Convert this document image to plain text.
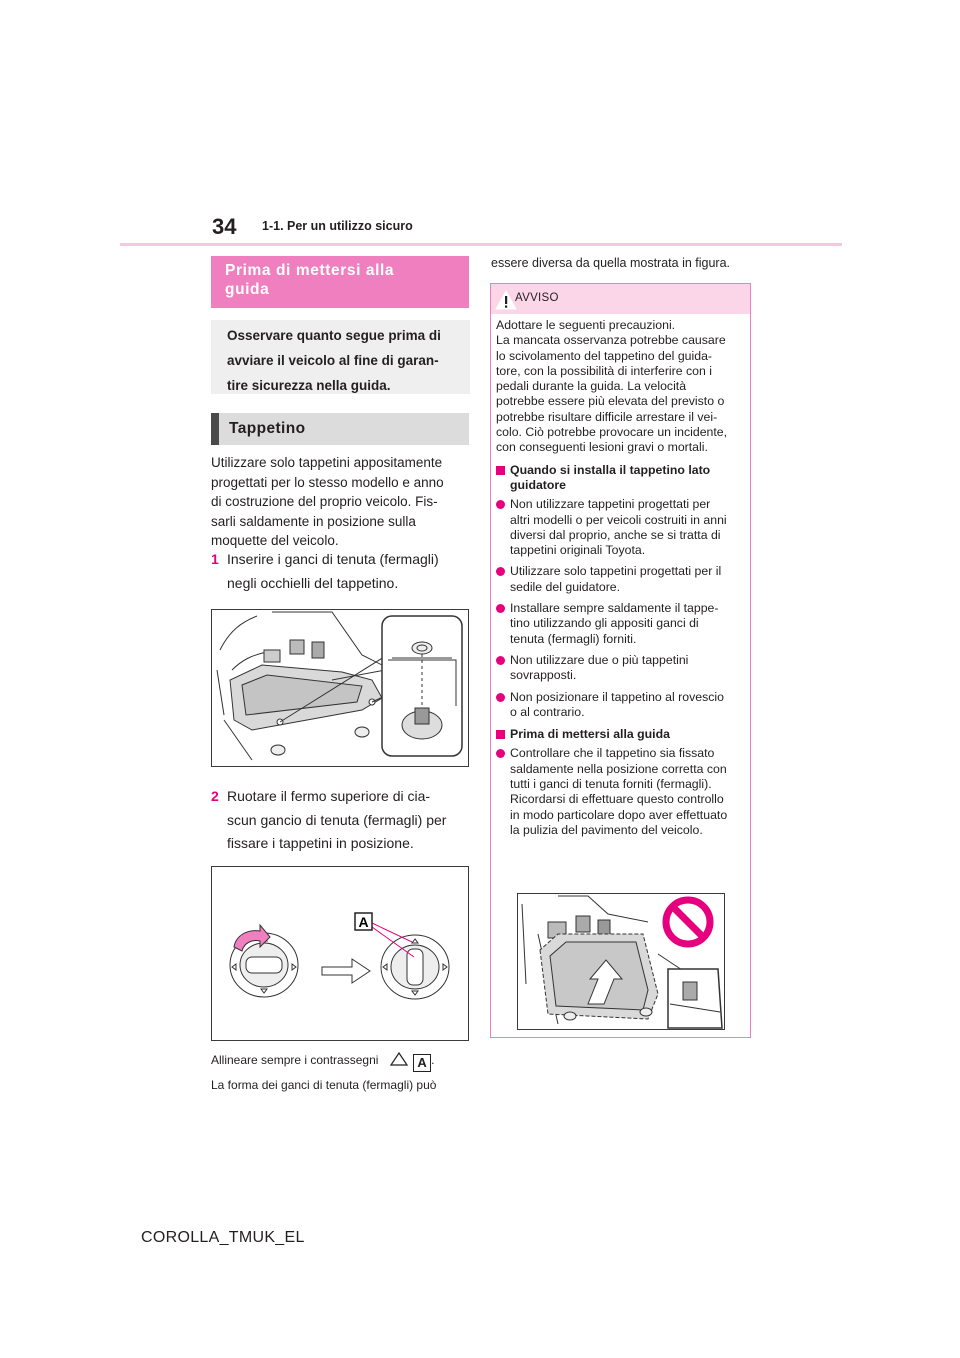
34 1-1. Per un utilizzo sicuro
Prima di mettersi alla
guida
Osservare quanto segue prima di
avviare il veicolo al fine di garan-
tire sicurezza nella guida.
Tappetino
Utilizzare solo tappetini appositamente
progettati per lo stesso modello e anno
di costruzione del proprio veicolo. Fis-
sarli saldamente in posizione sulla
moquette del veicolo.
1 Inserire i ganci di tenuta (fermagli)
negli occhielli del tappetino.
2 Ruotare il fermo superiore di cia-
scun gancio di tenuta (fermagli) per
fissare i tappetini in posizione.
A
Allineare sempre i contrassegni	A .
La forma dei ganci di tenuta (fermagli) può
essere diversa da quella mostrata in figura.
AVVISO
Adottare le seguenti precauzioni.
La mancata osservanza potrebbe causare
lo scivolamento del tappetino del guida-
tore, con la possibilità di interferire con i
pedali durante la guida. La velocità
potrebbe essere più elevata del previsto o
potrebbe risultare difficile arrestare il vei-
colo. Ciò potrebbe provocare un incidente,
con conseguenti lesioni gravi o mortali.
Quando si installa il tappetino lato
guidatore
Non utilizzare tappetini progettati per
altri modelli o per veicoli costruiti in anni
diversi dal proprio, anche se si tratta di
tappetini originali Toyota.
Utilizzare solo tappetini progettati per il
sedile del guidatore.
Installare sempre saldamente il tappe-
tino utilizzando gli appositi ganci di
tenuta (fermagli) forniti.
Non utilizzare due o più tappetini
sovrapposti.
Non posizionare il tappetino al rovescio
o al contrario.
Prima di mettersi alla guida
Controllare che il tappetino sia fissato
saldamente nella posizione corretta con
tutti i ganci di tenuta forniti (fermagli).
Ricordarsi di effettuare questo controllo
in modo particolare dopo aver effettuato
la pulizia del pavimento del veicolo.
COROLLA_TMUK_EL
